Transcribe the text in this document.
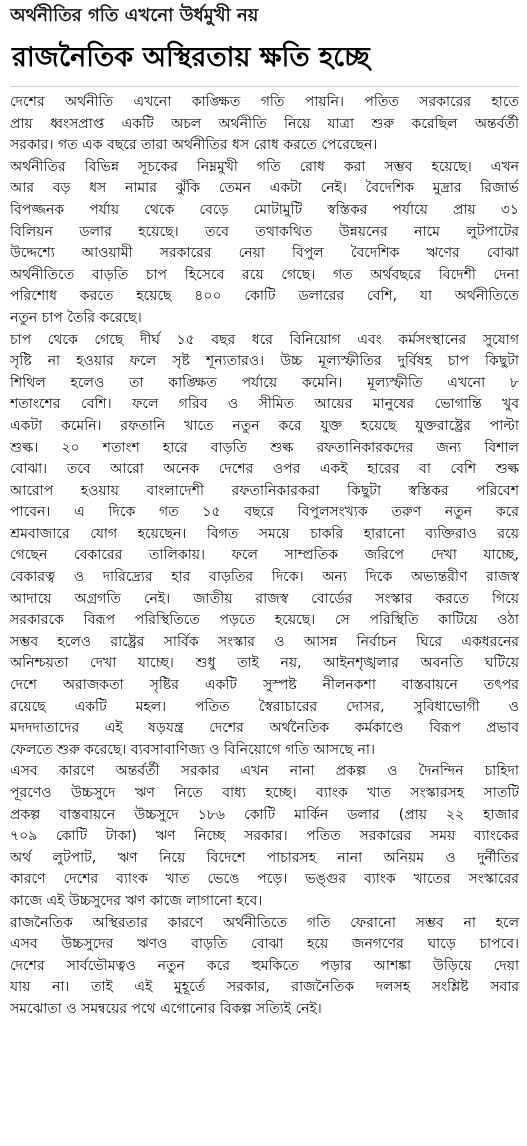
অর্থনীতির গতি এখনো উর্ধমুখী নয়
রাজনৈতিক অস্থিরতায় ক্ষতি হচ্ছে
দেশের অর্থনীতি এখনো কাঙ্ক্ষিত গতি পায়নি। পতিত সরকারের হাতে
প্রায় ধ্বংসপ্রাপ্ত একটি অচল অর্থনীতি নিয়ে যাত্রা শুরু করেছিল অন্তর্বর্তী
সরকার। গত এক বছরে তারা অর্থনীতির ধস রোধ করতে পেরেছেন।
অর্থনীতির বিভিন্ন সূচকের নিম্নমুখী গতি রোধ করা সম্ভব হয়েছে। এখন
আর বড় ধস নামার ঝুঁকি তেমন একটা নেই। বৈদেশিক মুদ্রার রিজার্ভ
বিপজ্জনক পর্যায় থেকে বেড়ে মোটামুটি স্বস্তিকর পর্যায়ে প্রায় ৩১
বিলিয়ন ডলার হয়েছে। তবে তথাকথিত উন্নয়নের নামে লুটপাটের
উদ্দেশ্যে আওয়ামী সরকারের নেয়া বিপুল বৈদেশিক ঋণের বোঝা
অর্থনীতিতে বাড়তি চাপ হিসেবে রয়ে গেছে। গত অর্থবছরে বিদেশী দেনা
পরিশোধ করতে হয়েছে ৪০০ কোটি ডলারের বেশি, যা অর্থনীতিতে
নতুন চাপ তৈরি করেছে।
চাপ থেকে গেছে দীর্ঘ ১৫ বছর ধরে বিনিয়োগ এবং কর্মসংস্থানের সুযোগ
সৃষ্টি না হওয়ার ফলে সৃষ্ট শূন্যতারও। উচ্চ মূল্যস্ফীতির দুর্বিষহ চাপ কিছুটা
শিথিল হলেও তা কাঙ্ক্ষিত পর্যায়ে কমেনি। মূল্যস্ফীতি এখনো ৮
শতাংশের বেশি। ফলে গরিব ও সীমিত আয়ের মানুষের ভোগান্তি খুব
একটা কমেনি। রফতানি খাতে নতুন করে যুক্ত হয়েছে যুক্তরাষ্ট্রের পাল্টা
শুল্ক। ২০ শতাংশ হারে বাড়তি শুল্ক রফতানিকারকদের জন্য বিশাল
বোঝা। তবে আরো অনেক দেশের ওপর একই হারের বা বেশি শুল্ক
আরোপ হওয়ায় বাংলাদেশী রফতানিকারকরা কিছুটা স্বস্তিকর পরিবেশ
পাবেন। এ দিকে গত ১৫ বছরে বিপুলসংখ্যক তরুণ নতুন করে
শ্রমবাজারে যোগ হয়েছেন। বিগত সময়ে চাকরি হারানো ব্যক্তিরাও রয়ে
গেছেন বেকারের তালিকায়। ফলে সাম্প্রতিক জরিপে দেখা যাচ্ছে,
বেকারত্ব ও দারিদ্র্যের হার বাড়তির দিকে। অন্য দিকে অভ্যন্তরীণ রাজস্ব
আদায়ে অগ্রগতি নেই। জাতীয় রাজস্ব বোর্ডের সংস্কার করতে গিয়ে
সরকারকে বিরূপ পরিস্থিতিতে পড়তে হয়েছে। সে পরিস্থিতি কাটিয়ে ওঠা
সম্ভব হলেও রাষ্ট্রের সার্বিক সংস্কার ও আসন্ন নির্বাচন ঘিরে একধরনের
অনিশ্চয়তা দেখা যাচ্ছে। শুধু তাই নয়, আইনশৃঙ্খলার অবনতি ঘটিয়ে
দেশে অরাজকতা সৃষ্টির একটি সুস্পষ্ট নীলনকশা বাস্তবায়নে তৎপর
রয়েছে একটি মহল। পতিত স্বৈরাচারের দোসর, সুবিধাভোগী ও
মদদদাতাদের এই ষড়যন্ত্র দেশের অর্থনৈতিক কর্মকাণ্ডে বিরূপ প্রভাব
ফেলতে শুরু করেছে। ব্যবসাবাণিজ্য ও বিনিয়োগে গতি আসছে না।
এসব কারণে অন্তর্বর্তী সরকার এখন নানা প্রকল্প ও দৈনন্দিন চাহিদা
পূরণেও উচ্চসুদে ঋণ নিতে বাধ্য হচ্ছে। ব্যাংক খাত সংস্কারসহ সাতটি
প্রকল্প বাস্তবায়নে উচ্চসুদে ১৮৬ কোটি মার্কিন ডলার (প্রায় ২২ হাজার
৭০৯ কোটি টাকা) ঋণ নিচ্ছে সরকার। পতিত সরকারের সময় ব্যাংকের
অর্থ লুটপাট, ঋণ নিয়ে বিদেশে পাচারসহ নানা অনিয়ম ও দুর্নীতির
কারণে দেশের ব্যাংক খাত ভেঙে পড়ে। ভঙ্গুর ব্যাংক খাতের সংস্কারের
কাজে এই উচ্চসুদের ঋণ কাজে লাগানো হবে।
রাজনৈতিক অস্থিরতার কারণে অর্থনীতিতে গতি ফেরানো সম্ভব না হলে
এসব উচ্চসুদের ঋণও বাড়তি বোঝা হয়ে জনগণের ঘাড়ে চাপবে।
দেশের সার্বভৌমত্বও নতুন করে হুমকিতে পড়ার আশঙ্কা উড়িয়ে দেয়া
যায় না। তাই এই মুহূর্তে সরকার, রাজনৈতিক দলসহ সংশ্লিষ্ট সবার
সমঝোতা ও সমন্বয়ের পথে এগোনোর বিকল্প সত্যিই নেই।
